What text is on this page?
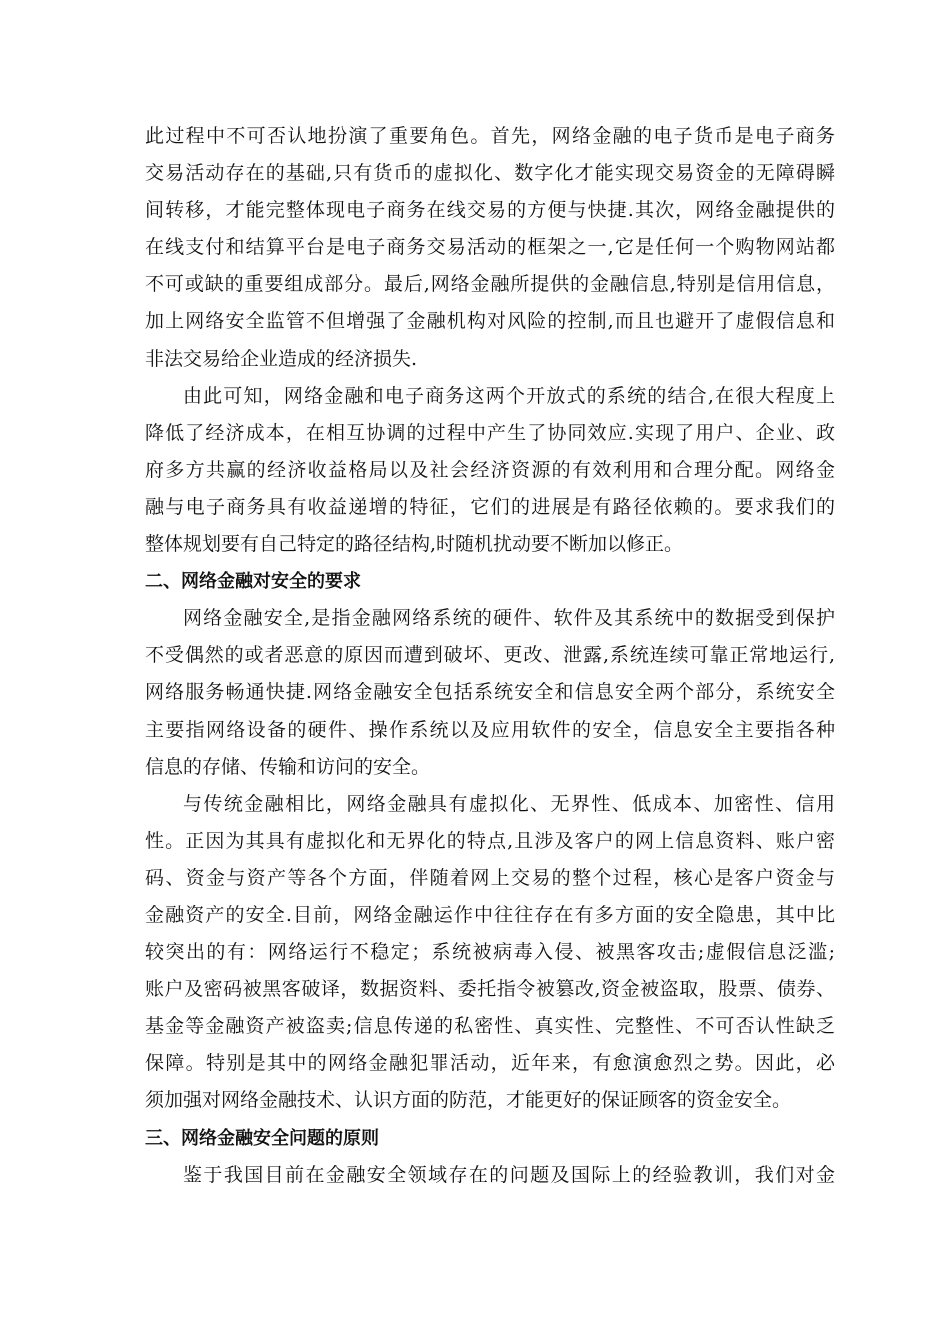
此过程中不可否认地扮演了重要角色。首先，网络金融的电子货币是电子商务
交易活动存在的基础,只有货币的虚拟化、数字化才能实现交易资金的无障碍瞬
间转移，才能完整体现电子商务在线交易的方便与快捷.其次，网络金融提供的
在线支付和结算平台是电子商务交易活动的框架之一,它是任何一个购物网站都
不可或缺的重要组成部分。最后,网络金融所提供的金融信息,特别是信用信息，
加上网络安全监管不但增强了金融机构对风险的控制,而且也避开了虚假信息和
非法交易给企业造成的经济损失.
由此可知，网络金融和电子商务这两个开放式的系统的结合,在很大程度上
降低了经济成本，在相互协调的过程中产生了协同效应.实现了用户、企业、政
府多方共赢的经济收益格局以及社会经济资源的有效利用和合理分配。网络金
融与电子商务具有收益递增的特征，它们的进展是有路径依赖的。要求我们的
整体规划要有自己特定的路径结构,时随机扰动要不断加以修正。
二、网络金融对安全的要求
网络金融安全,是指金融网络系统的硬件、软件及其系统中的数据受到保护
不受偶然的或者恶意的原因而遭到破坏、更改、泄露,系统连续可靠正常地运行,
网络服务畅通快捷.网络金融安全包括系统安全和信息安全两个部分，系统安全
主要指网络设备的硬件、操作系统以及应用软件的安全，信息安全主要指各种
信息的存储、传输和访问的安全。
与传统金融相比，网络金融具有虚拟化、无界性、低成本、加密性、信用
性。正因为其具有虚拟化和无界化的特点,且涉及客户的网上信息资料、账户密
码、资金与资产等各个方面，伴随着网上交易的整个过程，核心是客户资金与
金融资产的安全.目前，网络金融运作中往往存在有多方面的安全隐患，其中比
较突出的有：网络运行不稳定；系统被病毒入侵、被黑客攻击;虚假信息泛滥;
账户及密码被黑客破译，数据资料、委托指令被篡改,资金被盗取，股票、债券、
基金等金融资产被盗卖;信息传递的私密性、真实性、完整性、不可否认性缺乏
保障。特别是其中的网络金融犯罪活动，近年来，有愈演愈烈之势。因此，必
须加强对网络金融技术、认识方面的防范，才能更好的保证顾客的资金安全。
三、网络金融安全问题的原则
鉴于我国目前在金融安全领域存在的问题及国际上的经验教训，我们对金
